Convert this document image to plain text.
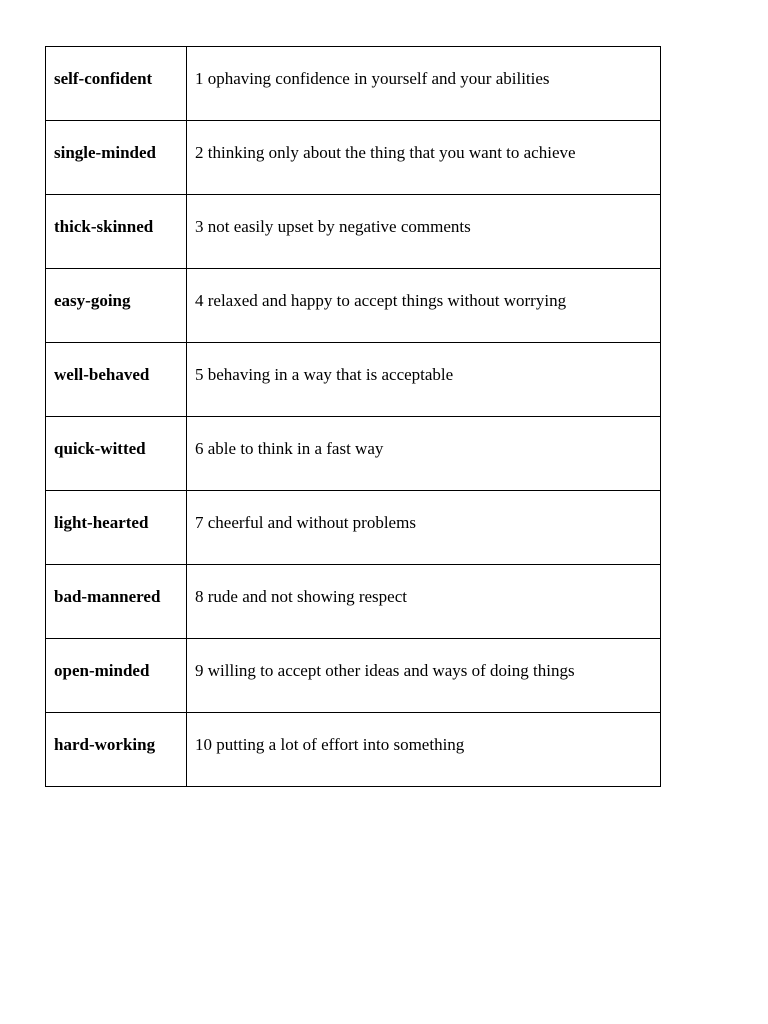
self-confident	1 ophaving confidence in yourself and your abilities

single-minded	2 thinking only about the thing that you want to achieve

thick-skinned	3 not easily upset by negative comments

easy-going	4 relaxed and happy to accept things without worrying

well-behaved	5 behaving in a way that is acceptable

quick-witted	6 able to think in a fast way

light-hearted	7 cheerful and without problems

bad-mannered	8 rude and not showing respect

open-minded	9 willing to accept other ideas and ways of doing things

hard-working	10 putting a lot of effort into something
